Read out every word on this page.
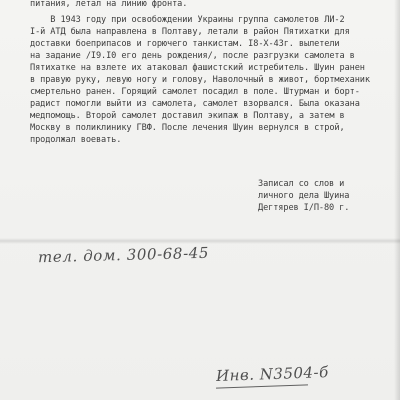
питания, летал на линию фронта.
В 1943 году при освобождении Украины группа самолетов ЛИ-2
I-й АТД была направлена в Полтаву, летали в район Пятихатки для
доставки боеприпасов и горючего танкистам. I8-X-43г. вылетели
на задание /I9.I0 его день рождения/, после разгрузки самолета в
Пятихатке на взлете их атаковал фашистский истребитель. Шуин ранен
в правую руку, левую ногу и голову, Наволочный в живот, бортмеханик
смертельно ранен. Горящий самолет посадил в поле. Штурман и борт-
радист помогли выйти из самолета, самолет взорвался. Была оказана
медпомощь. Второй самолет доставил экипаж в Полтаву, а затем в
Москву в поликлинику ГВФ. После лечения Шуин вернулся в строй,
продолжал воевать.
Записал со слов и
личного дела Шуина
Дегтярев I/П-80 г.
тел. дом. 300-68-45
Инв. N3504-б
